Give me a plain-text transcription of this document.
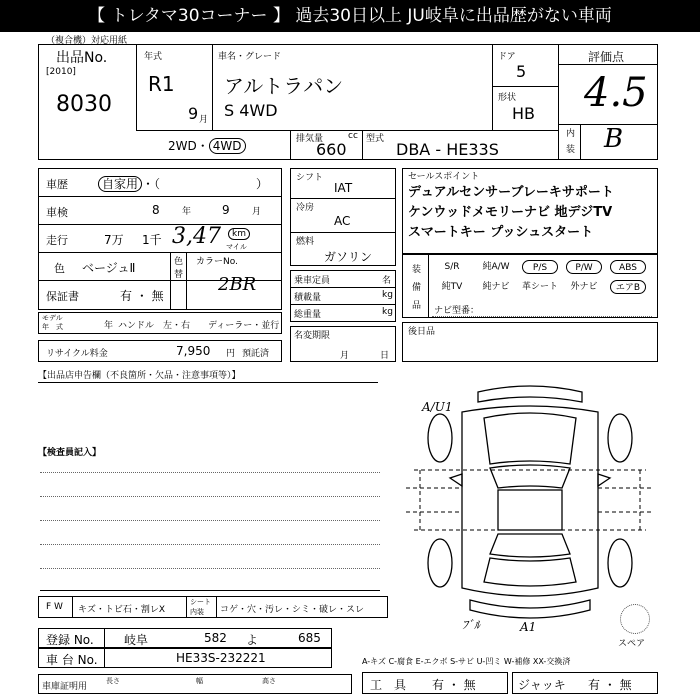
【 トレタマ30コーナー 】 過去30日以上 JU岐阜に出品歴がない車両
（複合機）対応用紙
出品No.
[2010]
8030
年式
R1
9 月
車名・グレード
アルトラパン
S 4WD
ドア
5
形状
HB
評価点
4.5
内
装 B
2WD・ 4WD	排気量	cc
660
型式
DBA - HE33S
車歴	自家用 ・（　　　　　　　　）
車検	8 年	9 月
走行	7万 1千 3,47	km
マイル
色 ベージュⅡ	色
替
カラーNo.
2BR
保証書	有 ・ 無
モデル
年　式	年 ハンドル　左・右 ディーラー・並行
リサイクル料金	7,950 円 預託済
シフト
IAT
冷房
AC
燃料
ガソリン
乗車定員	名
積載量	kg
総重量	kg
名変期限
月	日
セールスポイント
デュアルセンサーブレーキサポート
ケンウッドメモリーナビ 地デジTV
スマートキー プッシュスタート
装
備
品
S/R	純A/W	P/S	P/W	ABS
純TV	純ナビ	革シート	外ナビ	エアB
ナビ型番：
後日品
【出品店申告欄（不良箇所・欠品・注意事項等）】
【検査員記入】
A/U1
ﾌﾞﾙ	A1
スペア
F W キズ・トビ石・割レX
シート
内装 コゲ・穴・汚レ・シミ・破レ・スレ
登録 No.	岐阜	582 よ	685
車 台 No.	HE33S-232221	A-キズ C-腐食 E-エクボ S-サビ U-凹ミ W-補修 XX-交換済
車庫証明用
長さ	幅	高さ	工　具 有 ・ 無	ジャッキ 有 ・ 無
